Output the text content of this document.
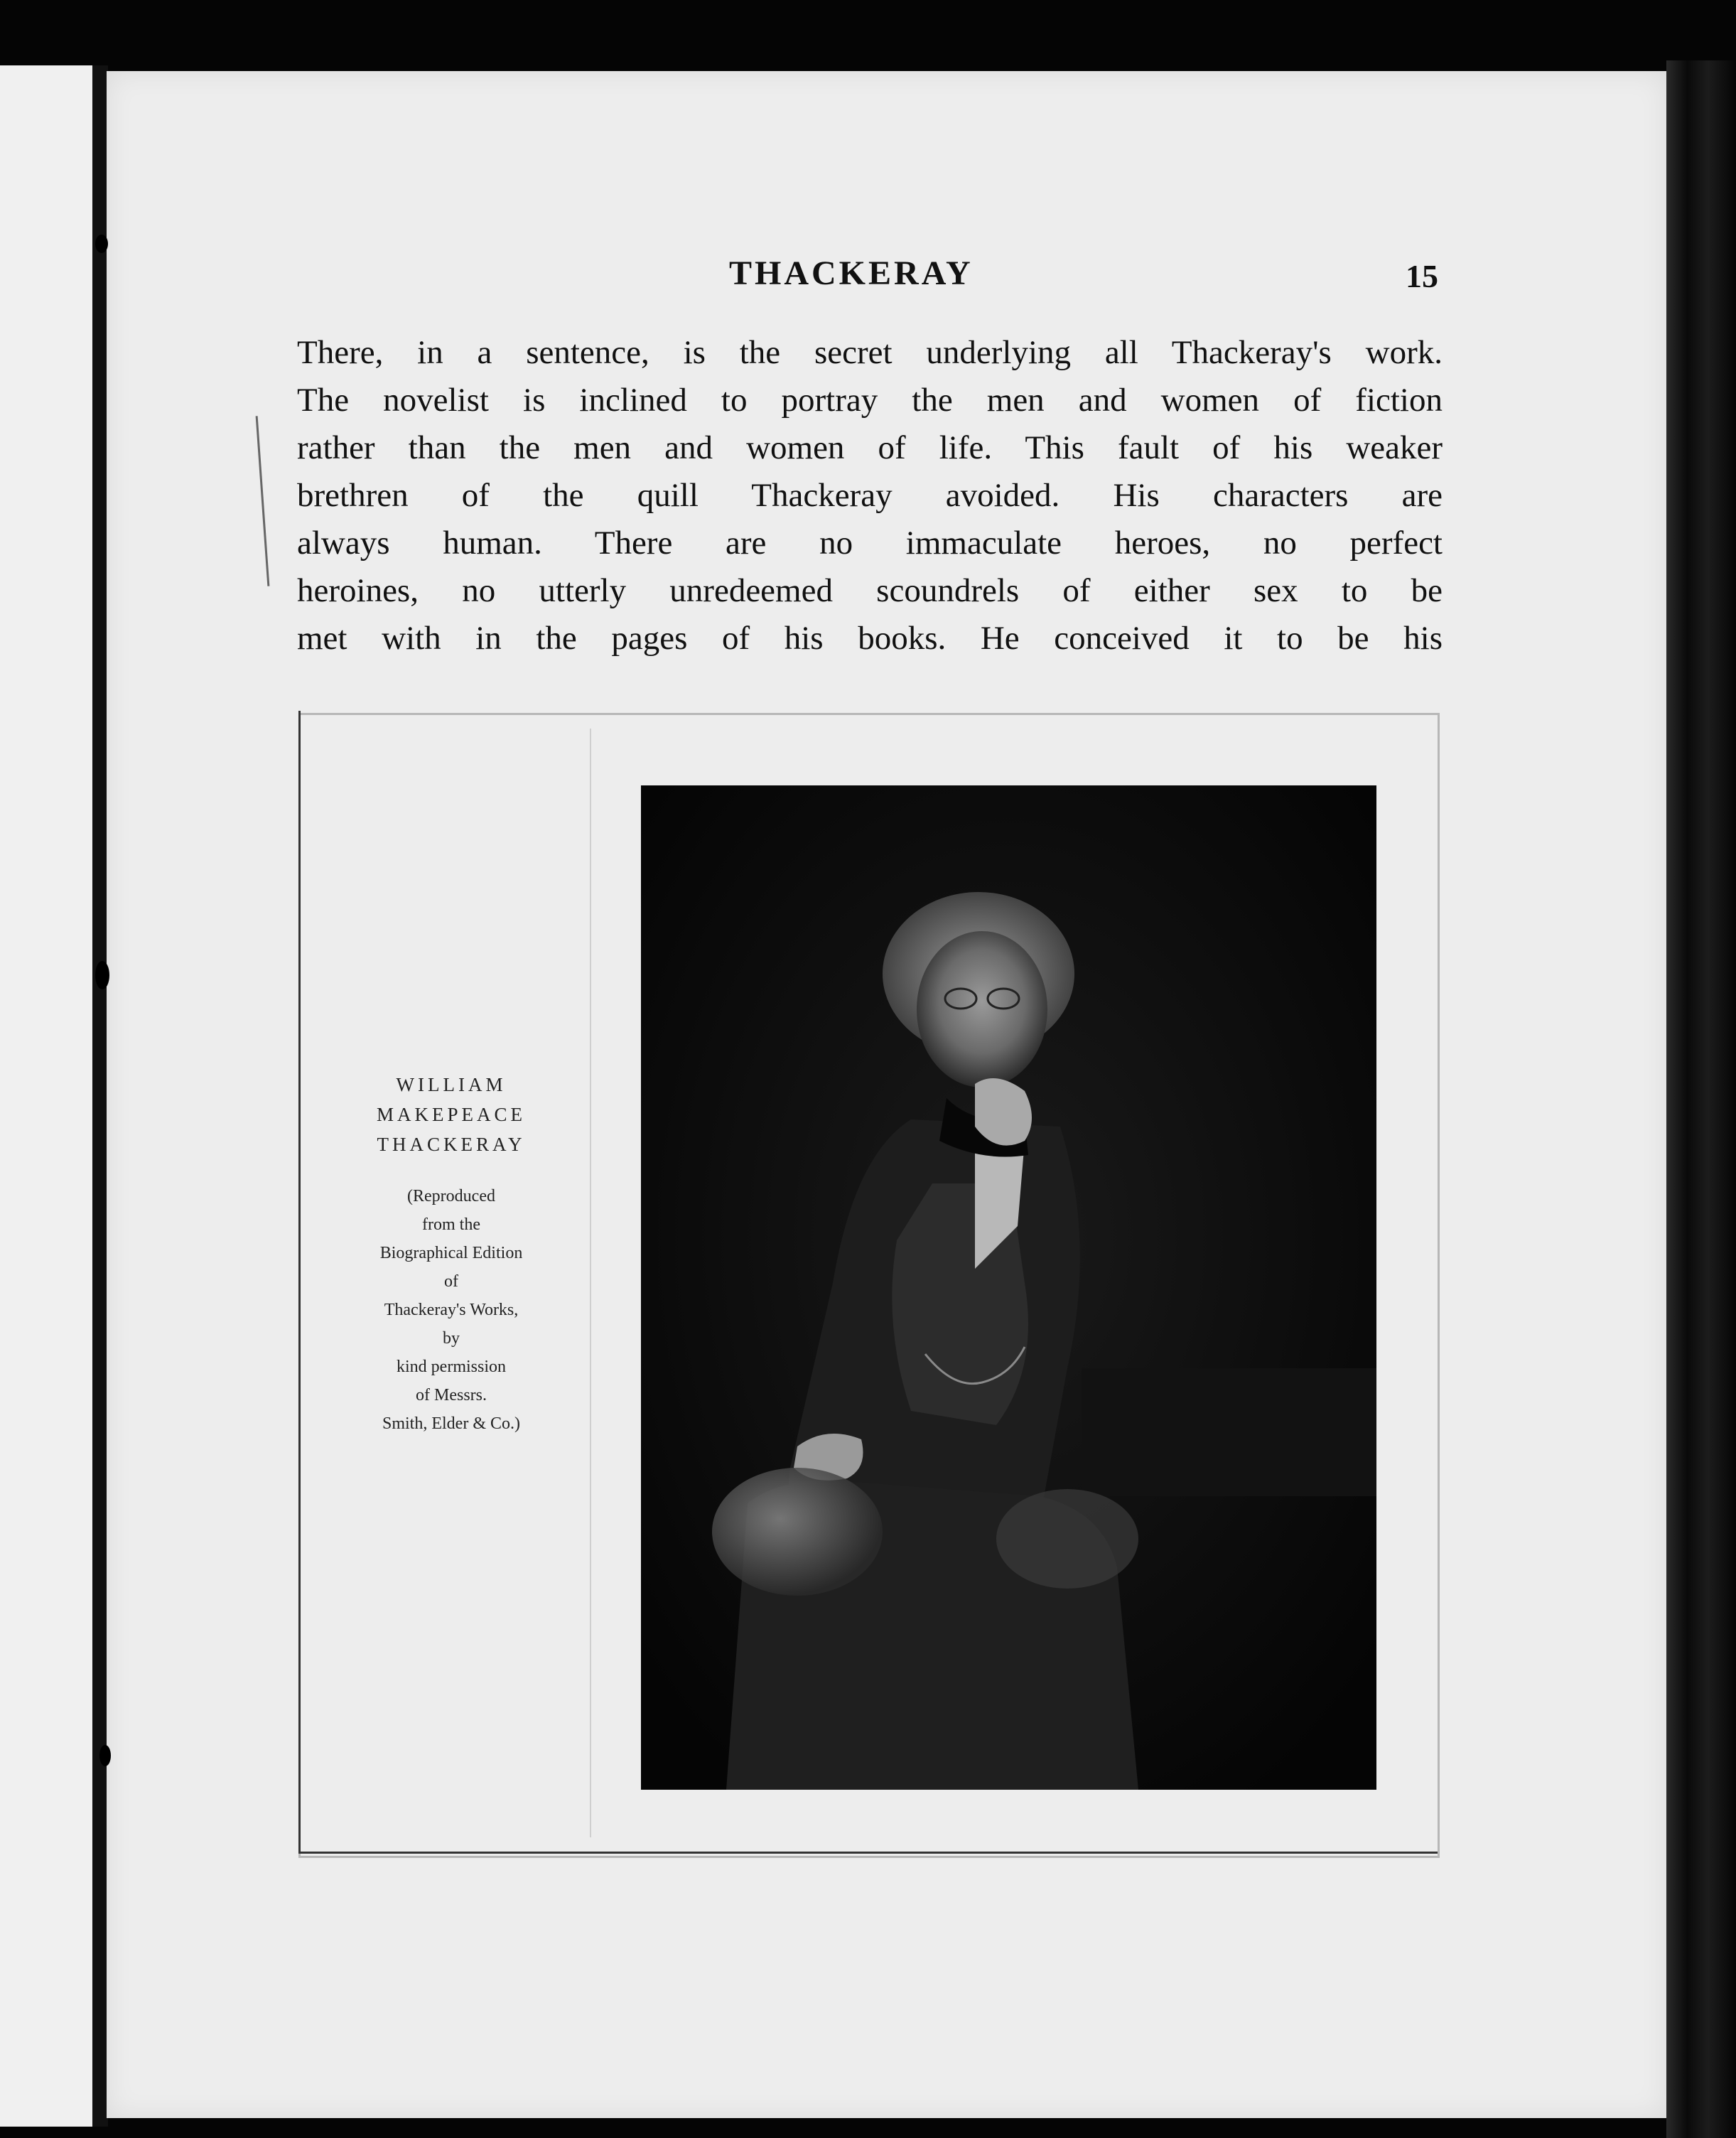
THACKERAY	15
There, in a sentence, is the secret underlying all Thackeray's work.
The novelist is inclined to portray the men and women of fiction
rather than the men and women of life. This fault of his weaker
brethren of the quill Thackeray avoided. His characters are
always human. There are no immaculate heroes, no perfect
heroines, no utterly unredeemed scoundrels of either sex to be
met with in the pages of his books. He conceived it to be his
WILLIAM
MAKEPEACE
THACKERAY
(Reproduced
from the
Biographical Edition
of
Thackeray's Works,
by
kind permission
of Messrs.
Smith, Elder & Co.)
